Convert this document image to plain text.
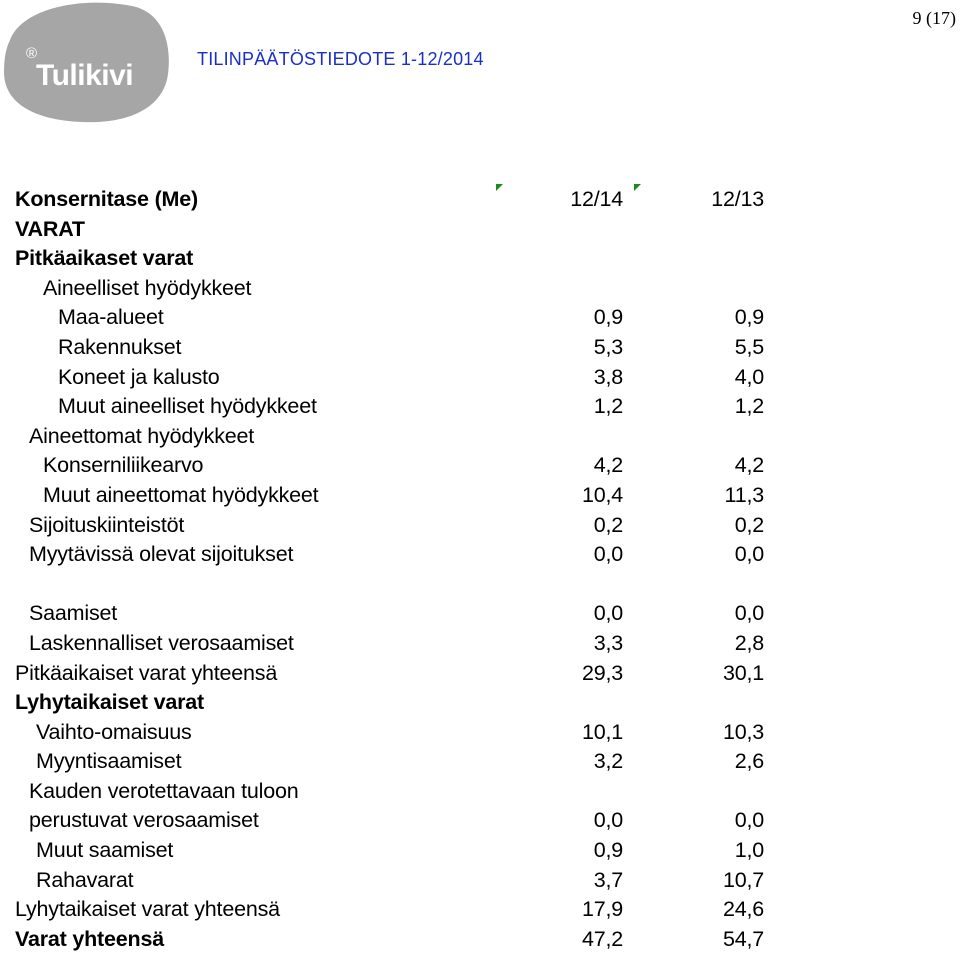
®
Tulikivi	TILINPÄÄTÖSTIEDOTE 1-12/2014
9 (17)
Konsernitase (Me)	12/14	12/13
VARAT
Pitkäaikaset varat
Aineelliset hyödykkeet
Maa-alueet	0,9	0,9
Rakennukset	5,3	5,5
Koneet ja kalusto	3,8	4,0
Muut aineelliset hyödykkeet	1,2	1,2
Aineettomat hyödykkeet
Konserniliikearvo	4,2	4,2
Muut aineettomat hyödykkeet	10,4	11,3
Sijoituskiinteistöt	0,2	0,2
Myytävissä olevat sijoitukset	0,0	0,0
Saamiset	0,0	0,0
Laskennalliset verosaamiset	3,3	2,8
Pitkäaikaiset varat yhteensä	29,3	30,1
Lyhytaikaiset varat
Vaihto-omaisuus	10,1	10,3
Myyntisaamiset	3,2	2,6
Kauden verotettavaan tuloon
perustuvat verosaamiset	0,0	0,0
Muut saamiset	0,9	1,0
Rahavarat	3,7	10,7
Lyhytaikaiset varat yhteensä	17,9	24,6
Varat yhteensä	47,2	54,7
